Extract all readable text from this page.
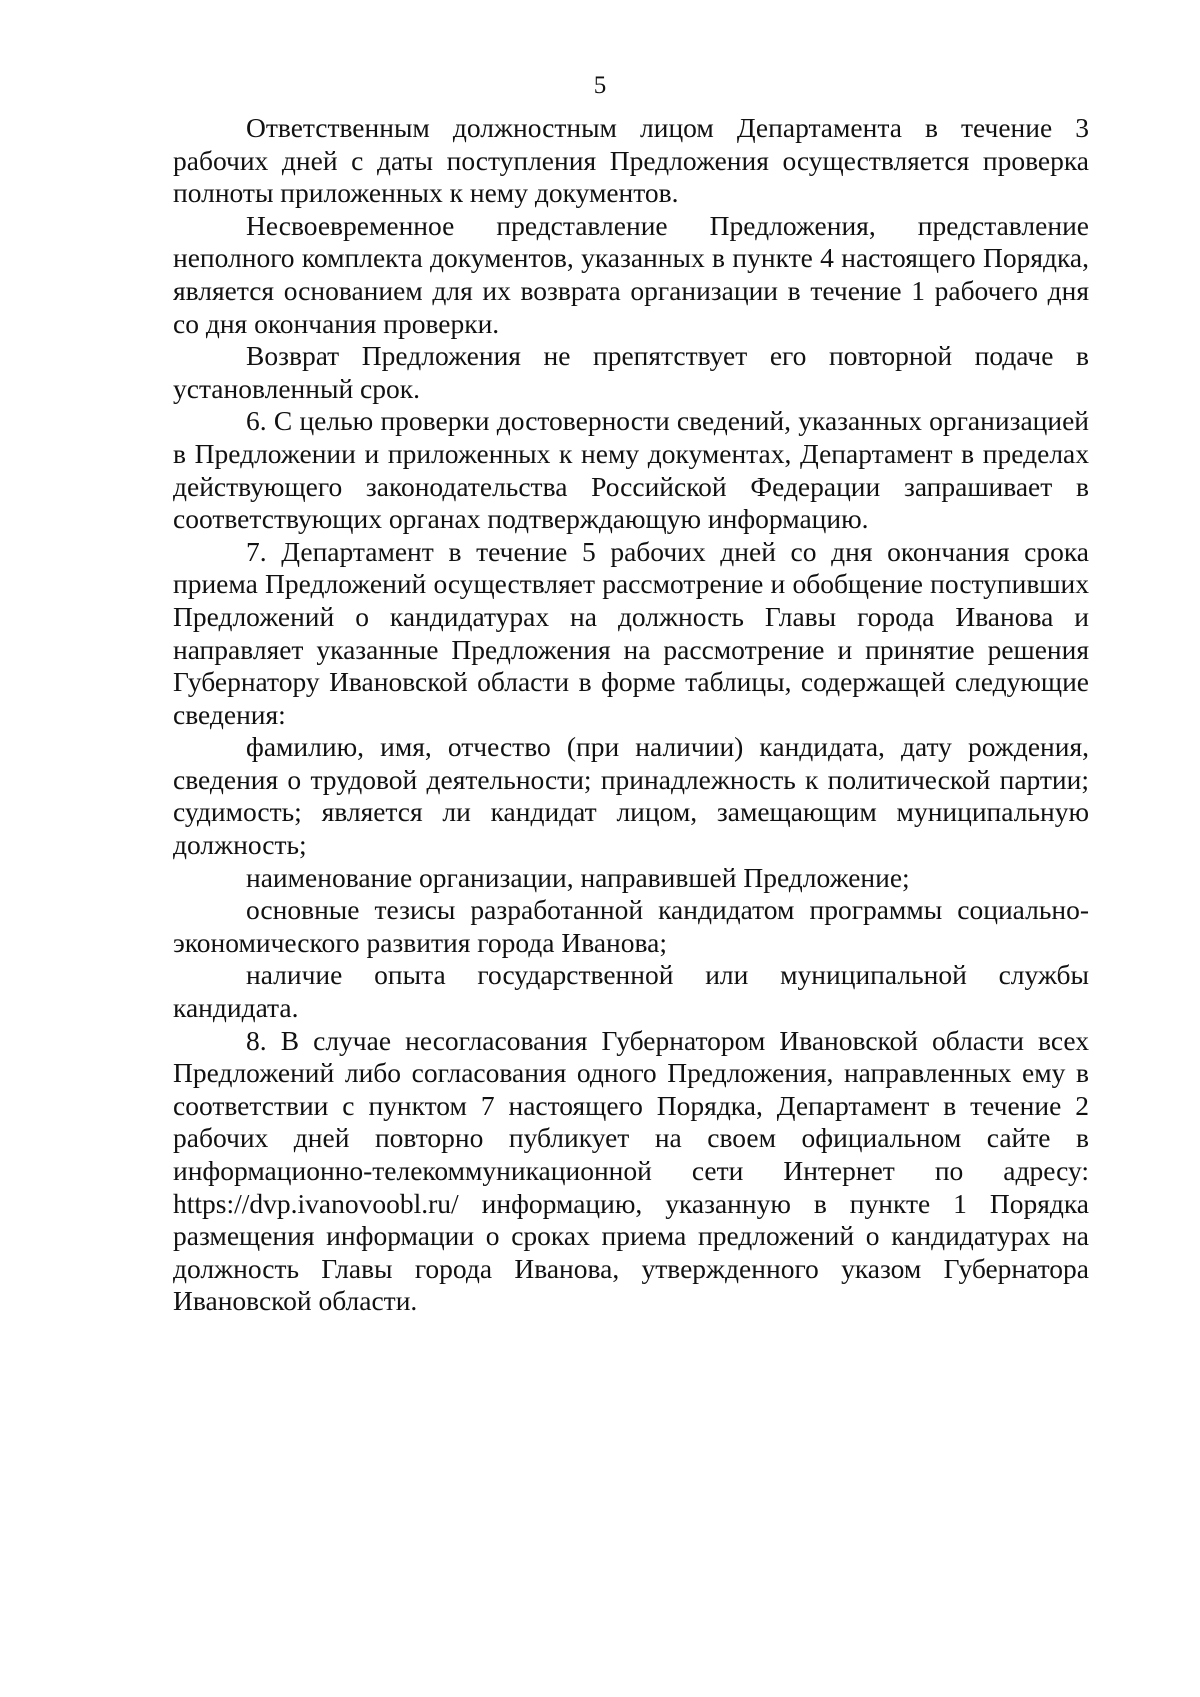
5

Ответственным должностным лицом Департамента в течение 3 рабочих дней с даты поступления Предложения осуществляется проверка полноты приложенных к нему документов.

Несвоевременное представление Предложения, представление неполного комплекта документов, указанных в пункте 4 настоящего Порядка, является основанием для их возврата организации в течение 1 рабочего дня со дня окончания проверки.

Возврат Предложения не препятствует его повторной подаче в установленный срок.

6. С целью проверки достоверности сведений, указанных организацией в Предложении и приложенных к нему документах, Департамент в пределах действующего законодательства Российской Федерации запрашивает в соответствующих органах подтверждающую информацию.

7. Департамент в течение 5 рабочих дней со дня окончания срока приема Предложений осуществляет рассмотрение и обобщение поступивших Предложений о кандидатурах на должность Главы города Иванова и направляет указанные Предложения на рассмотрение и принятие решения Губернатору Ивановской области в форме таблицы, содержащей следующие сведения:

фамилию, имя, отчество (при наличии) кандидата, дату рождения, сведения о трудовой деятельности; принадлежность к политической партии; судимость; является ли кандидат лицом, замещающим муниципальную должность;

наименование организации, направившей Предложение;

основные тезисы разработанной кандидатом программы социально-экономического развития города Иванова;

наличие опыта государственной или муниципальной службы кандидата.

8. В случае несогласования Губернатором Ивановской области всех Предложений либо согласования одного Предложения, направленных ему в соответствии с пунктом 7 настоящего Порядка, Департамент в течение 2 рабочих дней повторно публикует на своем официальном сайте в информационно-телекоммуникационной сети Интернет по адресу: https://dvp.ivanovoobl.ru/ информацию, указанную в пункте 1 Порядка размещения информации о сроках приема предложений о кандидатурах на должность Главы города Иванова, утвержденного указом Губернатора Ивановской области.
